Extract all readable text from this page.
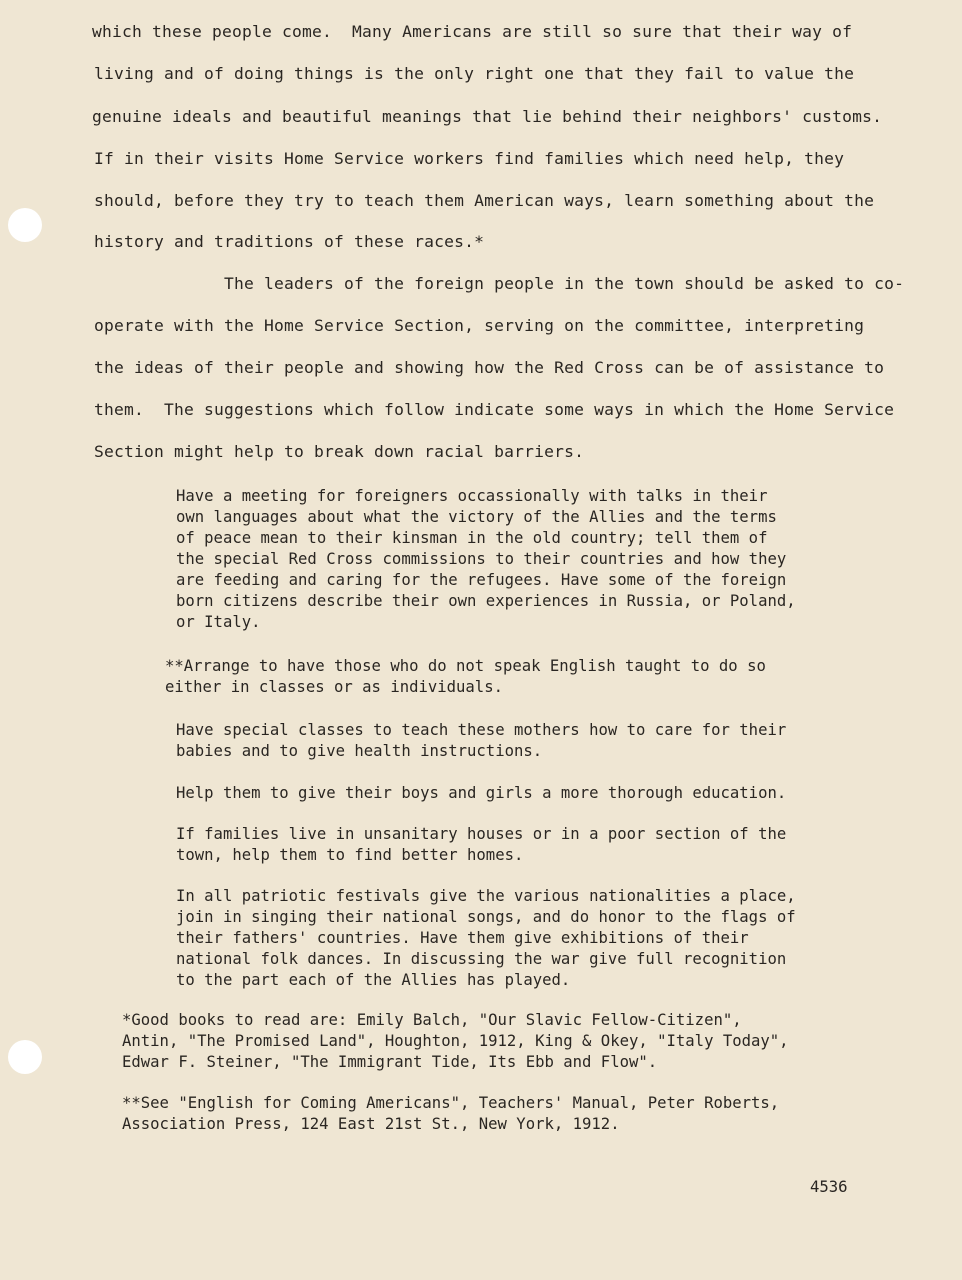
which these people come.  Many Americans are still so sure that their way of
living and of doing things is the only right one that they fail to value the
genuine ideals and beautiful meanings that lie behind their neighbors' customs.
If in their visits Home Service workers find families which need help, they
should, before they try to teach them American ways, learn something about the
history and traditions of these races.*
The leaders of the foreign people in the town should be asked to co-
operate with the Home Service Section, serving on the committee, interpreting
the ideas of their people and showing how the Red Cross can be of assistance to
them.  The suggestions which follow indicate some ways in which the Home Service
Section might help to break down racial barriers.
Have a meeting for foreigners occassionally with talks in their
own languages about what the victory of the Allies and the terms
of peace mean to their kinsman in the old country; tell them of
the special Red Cross commissions to their countries and how they
are feeding and caring for the refugees. Have some of the foreign
born citizens describe their own experiences in Russia, or Poland,
or Italy.
**Arrange to have those who do not speak English taught to do so
either in classes or as individuals.
Have special classes to teach these mothers how to care for their
babies and to give health instructions.
Help them to give their boys and girls a more thorough education.
If families live in unsanitary houses or in a poor section of the
town, help them to find better homes.
In all patriotic festivals give the various nationalities a place,
join in singing their national songs, and do honor to the flags of
their fathers' countries. Have them give exhibitions of their
national folk dances. In discussing the war give full recognition
to the part each of the Allies has played.
*Good books to read are: Emily Balch, "Our Slavic Fellow-Citizen",
Antin, "The Promised Land", Houghton, 1912, King & Okey, "Italy Today",
Edwar F. Steiner, "The Immigrant Tide, Its Ebb and Flow".
**See "English for Coming Americans", Teachers' Manual, Peter Roberts,
Association Press, 124 East 21st St., New York, 1912.
4536
